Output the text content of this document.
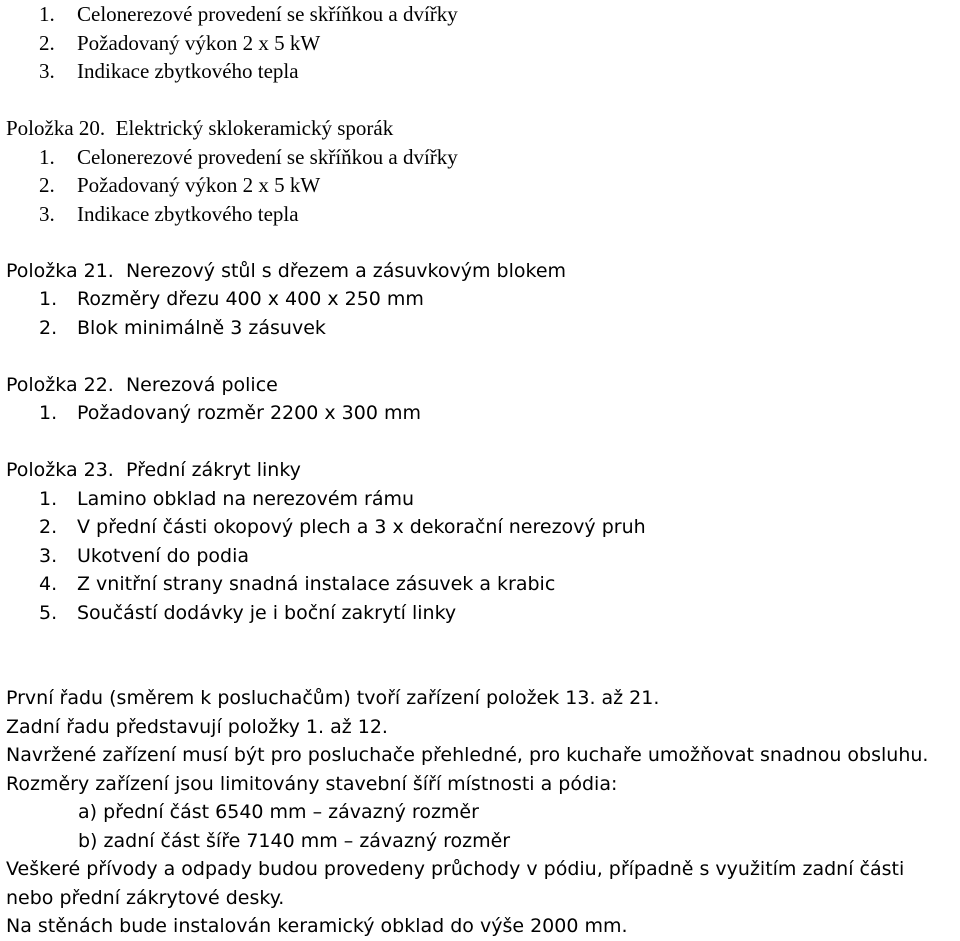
1. Celonerezové provedení se skříňkou a dvířky
2. Požadovaný výkon 2 x 5 kW
3. Indikace zbytkového tepla
Položka 20. Elektrický sklokeramický sporák
1. Celonerezové provedení se skříňkou a dvířky
2. Požadovaný výkon 2 x 5 kW
3. Indikace zbytkového tepla
Položka 21. Nerezový stůl s dřezem a zásuvkovým blokem
1. Rozměry dřezu 400 x 400 x 250 mm
2. Blok minimálně 3 zásuvek
Položka 22. Nerezová police
1. Požadovaný rozměr 2200 x 300 mm
Položka 23. Přední zákryt linky
1. Lamino obklad na nerezovém rámu
2. V přední části okopový plech a 3 x dekorační nerezový pruh
3. Ukotvení do podia
4. Z vnitřní strany snadná instalace zásuvek a krabic
5. Součástí dodávky je i boční zakrytí linky
První řadu (směrem k posluchačům) tvoří zařízení položek 13. až 21.
Zadní řadu představují položky 1. až 12.
Navržené zařízení musí být pro posluchače přehledné, pro kuchaře umožňovat snadnou obsluhu.
Rozměry zařízení jsou limitovány stavební šíří místnosti a pódia:
a) přední část 6540 mm – závazný rozměr
b) zadní část šíře 7140 mm – závazný rozměr
Veškeré přívody a odpady budou provedeny průchody v pódiu, případně s využitím zadní části
nebo přední zákrytové desky.
Na stěnách bude instalován keramický obklad do výše 2000 mm.
